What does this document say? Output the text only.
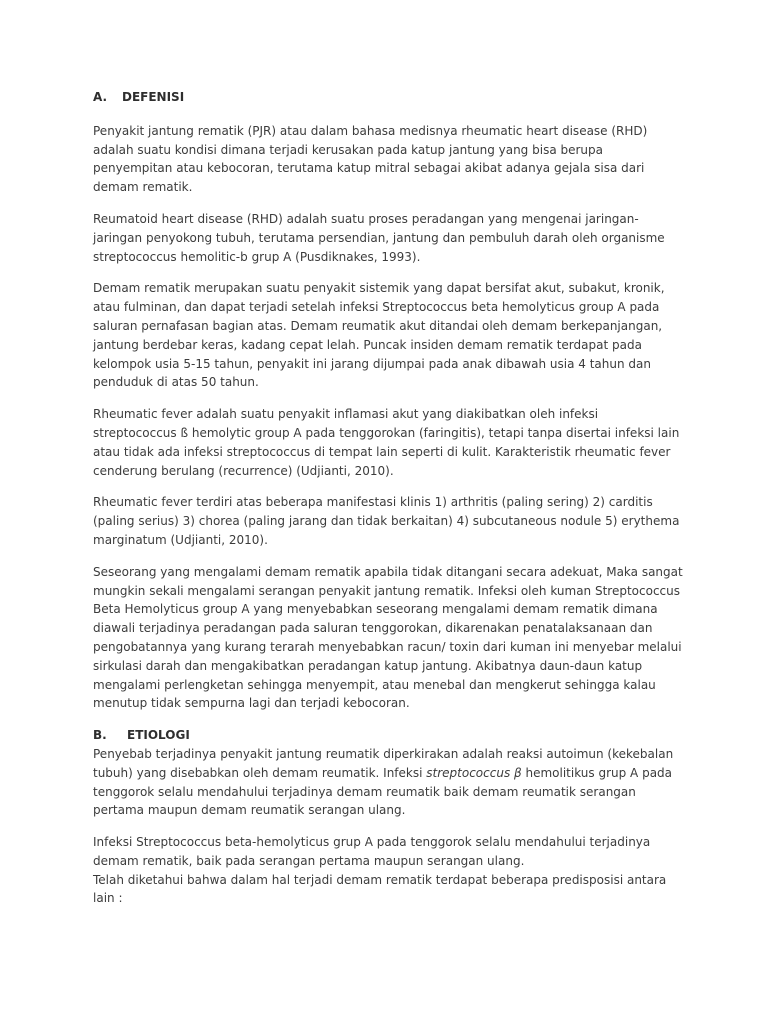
A. DEFENISI

Penyakit jantung rematik (PJR) atau dalam bahasa medisnya rheumatic heart disease (RHD) adalah suatu kondisi dimana terjadi kerusakan pada katup jantung yang bisa berupa penyempitan atau kebocoran, terutama katup mitral sebagai akibat adanya gejala sisa dari demam rematik.

Reumatoid heart disease (RHD) adalah suatu proses peradangan yang mengenai jaringan-jaringan penyokong tubuh, terutama persendian, jantung dan pembuluh darah oleh organisme streptococcus hemolitic-b grup A (Pusdiknakes, 1993).

Demam rematik merupakan suatu penyakit sistemik yang dapat bersifat akut, subakut, kronik, atau fulminan, dan dapat terjadi setelah infeksi Streptococcus beta hemolyticus group A pada saluran pernafasan bagian atas. Demam reumatik akut ditandai oleh demam berkepanjangan, jantung berdebar keras, kadang cepat lelah. Puncak insiden demam rematik terdapat pada kelompok usia 5-15 tahun, penyakit ini jarang dijumpai pada anak dibawah usia 4 tahun dan penduduk di atas 50 tahun.

Rheumatic fever adalah suatu penyakit inflamasi akut yang diakibatkan oleh infeksi streptococcus ß hemolytic group A pada tenggorokan (faringitis), tetapi tanpa disertai infeksi lain atau tidak ada infeksi streptococcus di tempat lain seperti di kulit. Karakteristik rheumatic fever cenderung berulang (recurrence) (Udjianti, 2010).

Rheumatic fever terdiri atas beberapa manifestasi klinis 1) arthritis (paling sering) 2) carditis (paling serius) 3) chorea (paling jarang dan tidak berkaitan) 4) subcutaneous nodule 5) erythema marginatum (Udjianti, 2010).

Seseorang yang mengalami demam rematik apabila tidak ditangani secara adekuat, Maka sangat mungkin sekali mengalami serangan penyakit jantung rematik. Infeksi oleh kuman Streptococcus Beta Hemolyticus group A yang menyebabkan seseorang mengalami demam rematik dimana diawali terjadinya peradangan pada saluran tenggorokan, dikarenakan penatalaksanaan dan pengobatannya yang kurang terarah menyebabkan racun/ toxin dari kuman ini menyebar melalui sirkulasi darah dan mengakibatkan peradangan katup jantung. Akibatnya daun-daun katup mengalami perlengketan sehingga menyempit, atau menebal dan mengkerut sehingga kalau menutup tidak sempurna lagi dan terjadi kebocoran.

B. ETIOLOGI

Penyebab terjadinya penyakit jantung reumatik diperkirakan adalah reaksi autoimun (kekebalan tubuh) yang disebabkan oleh demam reumatik. Infeksi streptococcus β hemolitikus grup A pada tenggorok selalu mendahului terjadinya demam reumatik baik demam reumatik serangan pertama maupun demam reumatik serangan ulang.

Infeksi Streptococcus beta-hemolyticus grup A pada tenggorok selalu mendahului terjadinya demam rematik, baik pada serangan pertama maupun serangan ulang.

Telah diketahui bahwa dalam hal terjadi demam rematik terdapat beberapa predisposisi antara lain :
